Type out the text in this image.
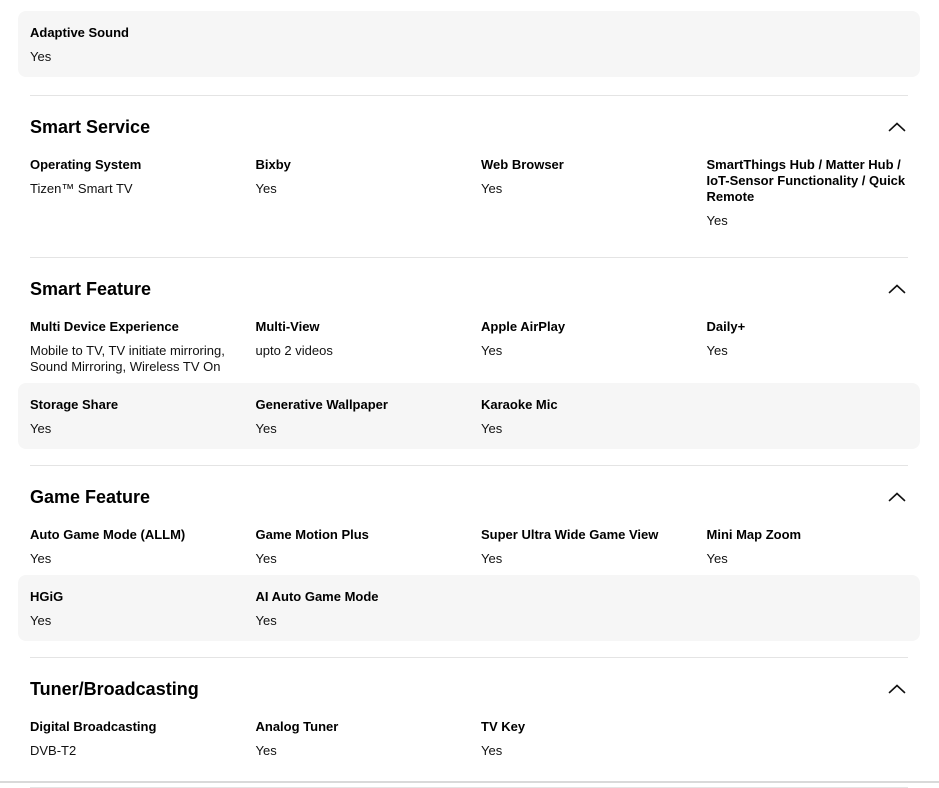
Adaptive Sound
Yes
Smart Service
Operating System
Tizen™ Smart TV
Bixby
Yes
Web Browser
Yes
SmartThings Hub / Matter Hub / IoT-Sensor Functionality / Quick Remote
Yes
Smart Feature
Multi Device Experience
Mobile to TV, TV initiate mirroring, Sound Mirroring, Wireless TV On
Multi-View
upto 2 videos
Apple AirPlay
Yes
Daily+
Yes
Storage Share
Yes
Generative Wallpaper
Yes
Karaoke Mic
Yes
Game Feature
Auto Game Mode (ALLM)
Yes
Game Motion Plus
Yes
Super Ultra Wide Game View
Yes
Mini Map Zoom
Yes
HGiG
Yes
AI Auto Game Mode
Yes
Tuner/Broadcasting
Digital Broadcasting
DVB-T2
Analog Tuner
Yes
TV Key
Yes
